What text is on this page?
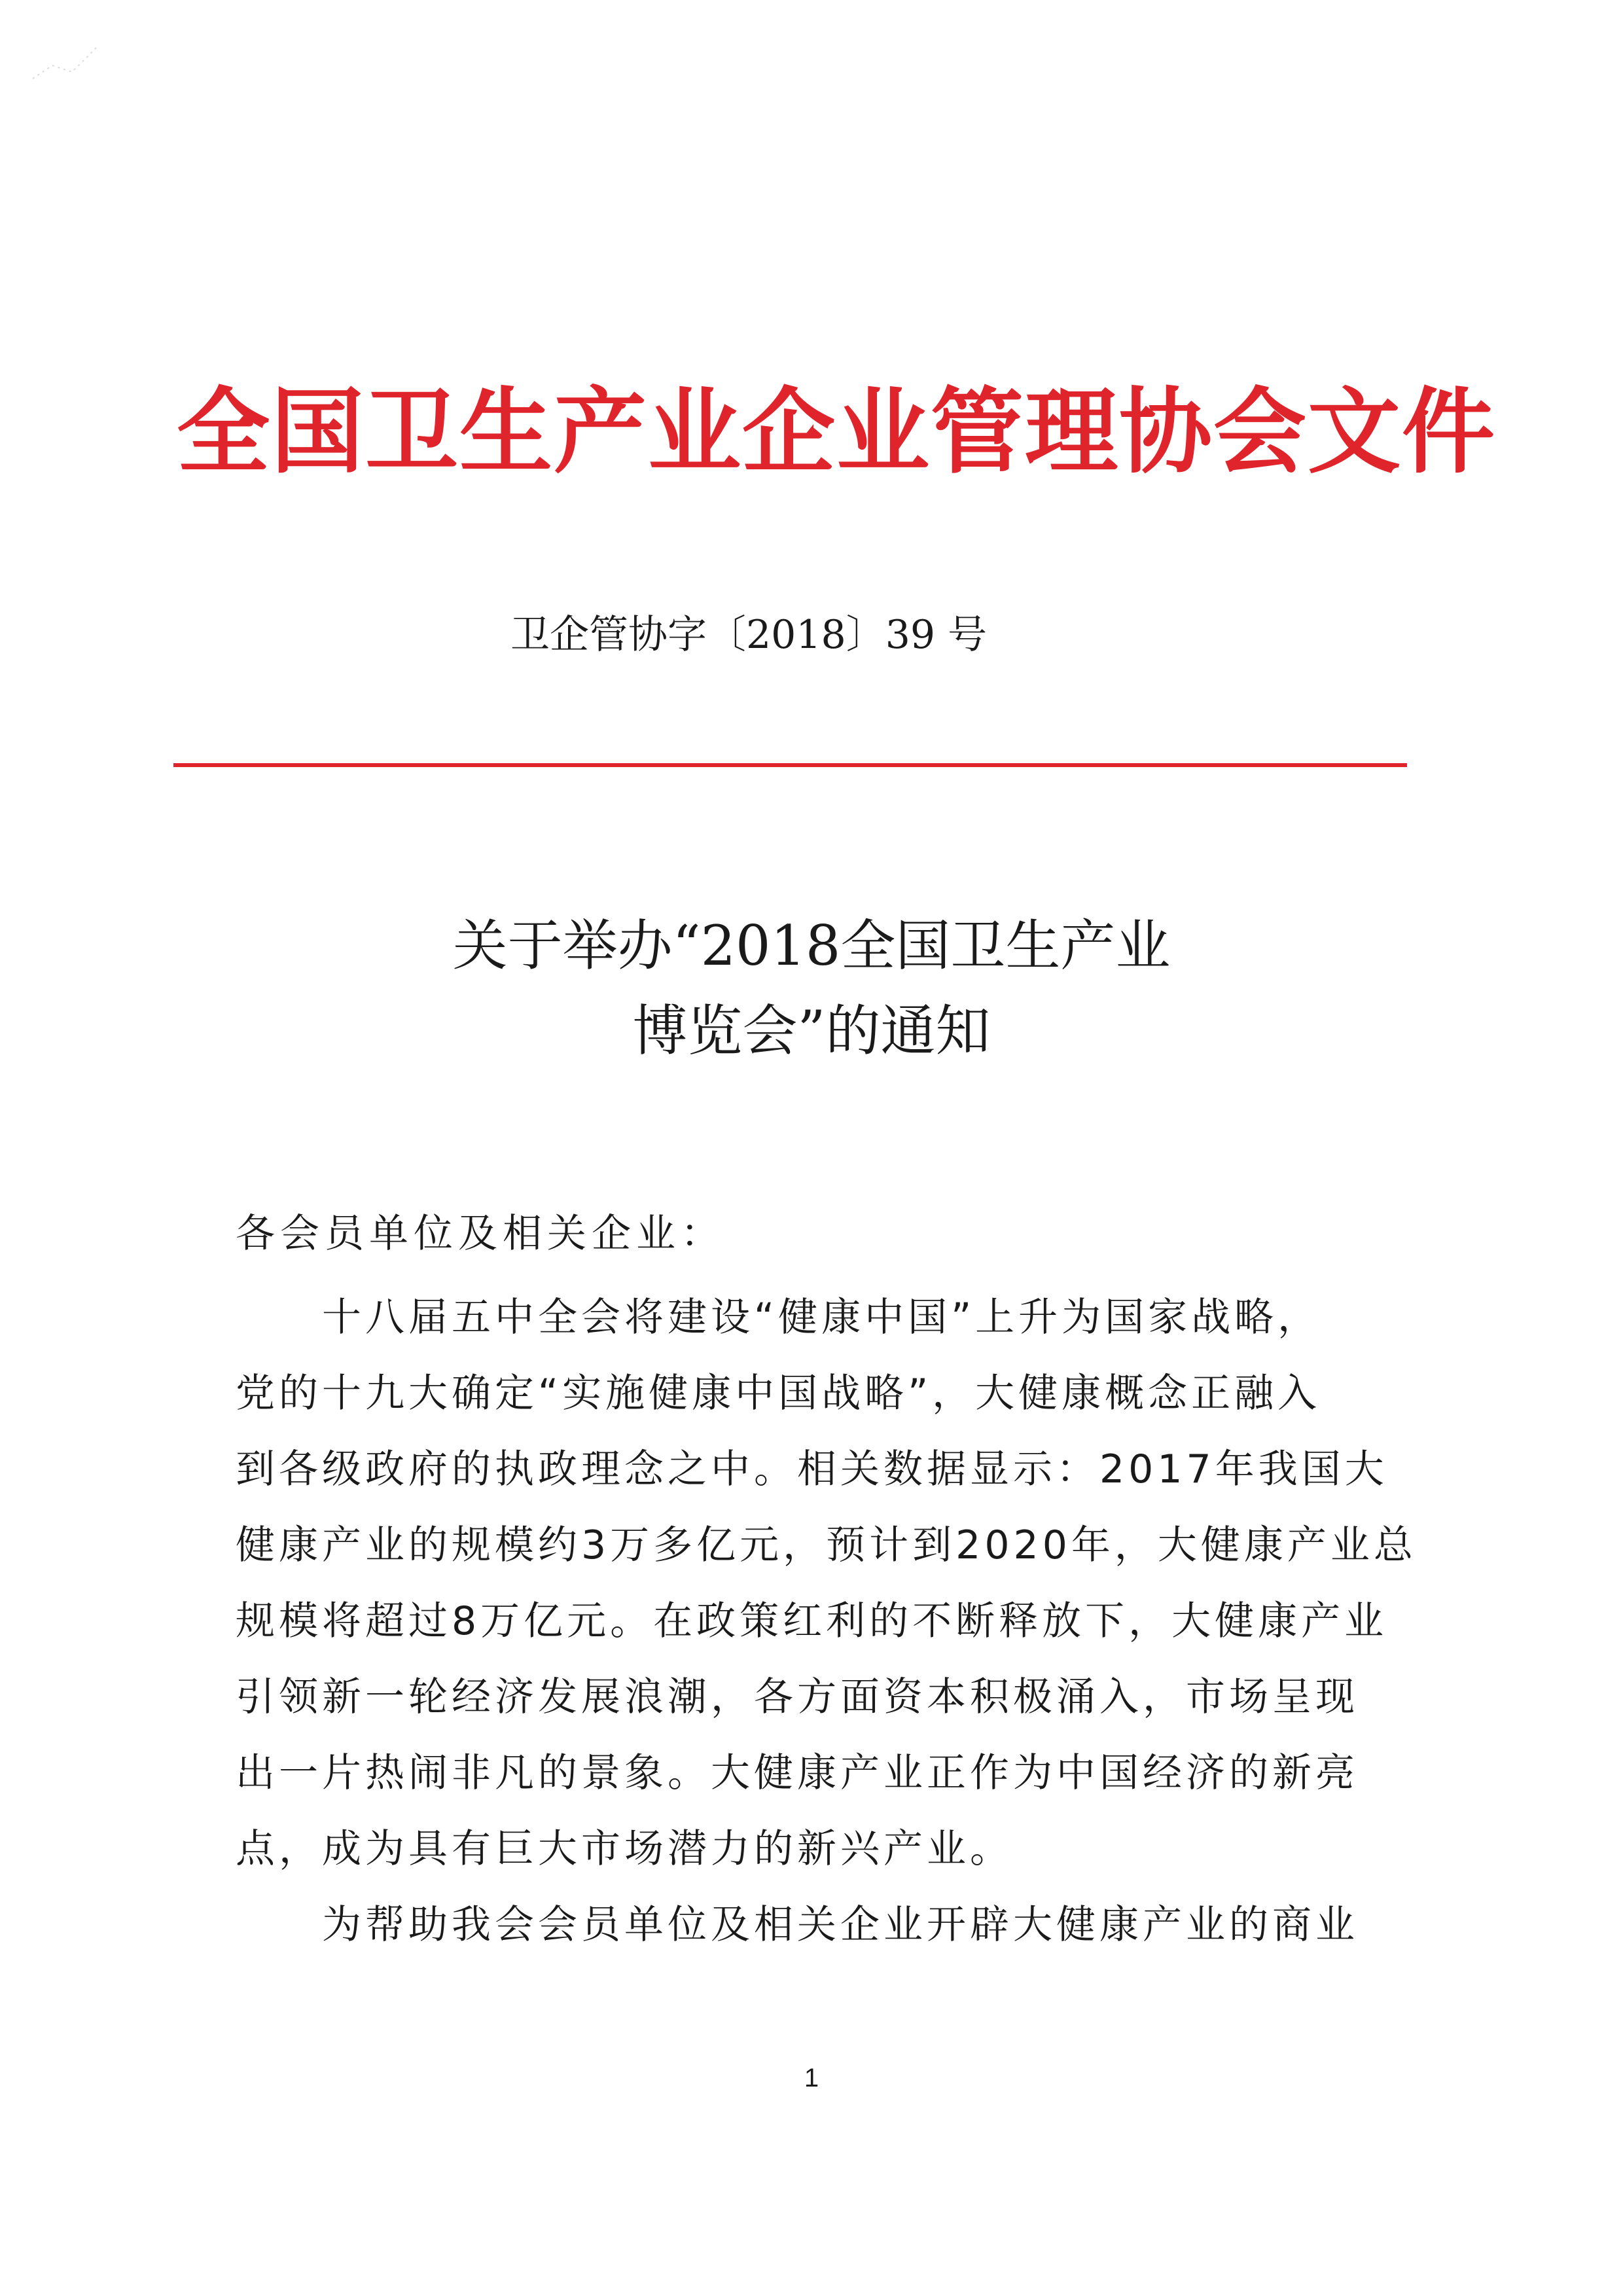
全国卫生产业企业管理协会文件
卫企管协字〔2018〕39 号
关于举办“2018全国卫生产业
博览会”的通知
各会员单位及相关企业：
　　十八届五中全会将建设“健康中国”上升为国家战略，
党的十九大确定“实施健康中国战略”，大健康概念正融入
到各级政府的执政理念之中。相关数据显示：2017年我国大
健康产业的规模约3万多亿元，预计到2020年，大健康产业总
规模将超过8万亿元。在政策红利的不断释放下，大健康产业
引领新一轮经济发展浪潮，各方面资本积极涌入，市场呈现
出一片热闹非凡的景象。大健康产业正作为中国经济的新亮
点，成为具有巨大市场潜力的新兴产业。
　　为帮助我会会员单位及相关企业开辟大健康产业的商业
1
